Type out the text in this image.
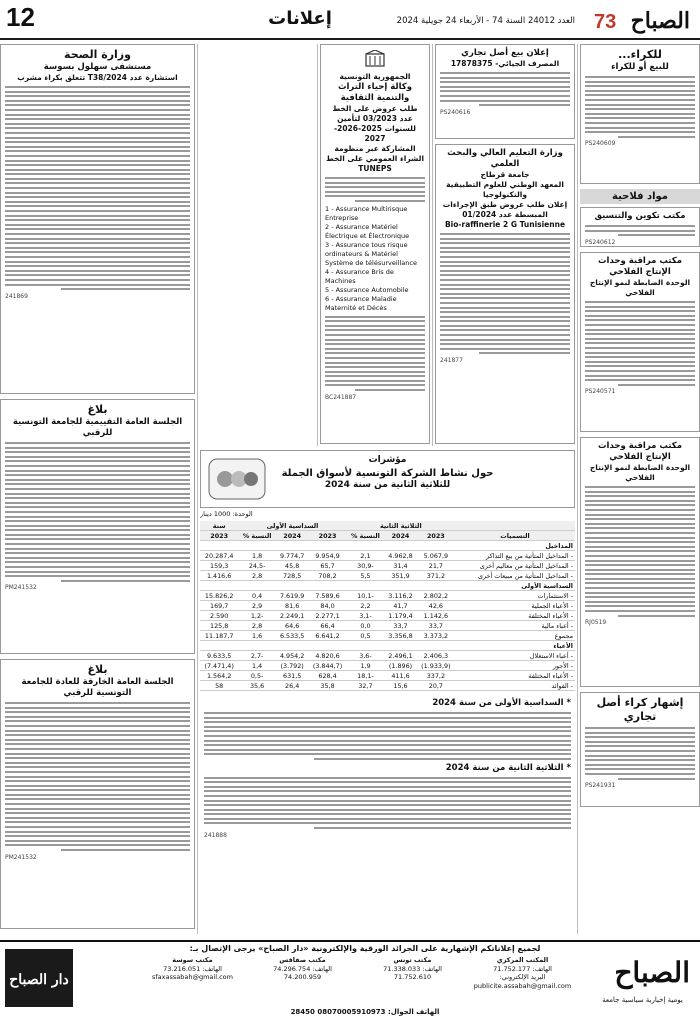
12	إعلانات	العدد 24012 السنة 74 - الأربعاء 24 جويلية 2024	الصباح
73
للكراء...
للبيع أو للكراء
PS240609
مواد فلاحية
مكتب تكوين والتنسيق
PS240612
مكتب مراقبة وحدات الإنتاج الفلاحي
الوحدة الضابطة لنمو الإنتاج الفلاحي
PS240571
مكتب مراقبة وحدات الإنتاج الفلاحي
الوحدة الضابطة لنمو الإنتاج الفلاحي
RJ0519
إشهار كراء أصل تجاري
PS241931
إعلان بيع أصل تجاري
المصرف الجيائي- 17878375
PS240616
وزارة التعليم العالي والبحث العلمي
جامعة قرطاج
المعهد الوطني للعلوم التطبيقية والتكنولوجيا
إعلان طلب عروض طبق الإجراءات المبسطة عدد 01/2024
Bio-raffinerie 2 G Tunisienne
241877
الجمهورية التونسية
وكالة إحياء التراث والتنمية الثقافية
طلب عروض على الخط عدد 03/2023 لتأمين
للسنوات 2025-2026-2027
المشاركة عبر منظومة الشراء العمومي على الخط TUNEPS
1 - Assurance Multirisque Entreprise
2 - Assurance Matériel Électrique et Électronique
3 - Assurance tous risque ordinateurs & Matériel Système de télésurveillance
4 - Assurance Bris de Machines
5 - Assurance Automobile
6 - Assurance Maladie Maternité et Décès
BC241887
وزارة الصحة
مستشفى سهلول بسوسة
استشارة عدد 2024/T38 تتعلق بكراء مشرب
241869
بلاغ
الجلسة العامة التقييمية للجامعة التونسية للرقبي
PM241532
بلاغ
الجلسة العامة الخارقة للعادة للجامعة التونسية للرقبي
PM241532
مؤشرات
حول نشاط الشركة التونسية لأسواق الجملة
للثلاثية الثانية من سنة 2024
الوحدة: 1000 دينار
	الثلاثية الثانية			السداسية الأولى			سنة
التسميات	2023	2024	النسبة %	2023	2024	النسبة %	2023
المداخيل							
- المداخيل المتأتية من بيع التذاكر	5.067,9	4.962,8	2,1	9.954,9	9.774,7	1,8	20.287,4
- المداخيل المتأتية من معاليم أخرى	21,7	31,4	-30,9	65,7	45,8	-24,5	159,3
- المداخيل المتأتية من مبيعات أخرى	371,2	351,9	5,5	708,2	728,5	2,8	1.416,6
السداسية الأولى							
- الاستثمارات	2.802,2	3.116,2	-10,1	7.589,6	7.619,9	0,4	15.826,2
- الأعباء الجملية	42,6	41,7	2,2	84,0	81,6	2,9	169,7
- الأعباء المختلفة	1.142,6	1.179,4	-3,1	2.277,1	2.249,1	-1,2	2.590
- أعباء مالية	33,7	33,7	0,0	66,4	64,6	2,8	125,8
مجموع	3.373,2	3.356,8	0,5	6.641,2	6.533,5	1,6	11.187,7
الأعباء							
- أعباء الاستغلال	2.406,3	2.496,1	-3,6	4.820,6	4.954,2	-2,7	9.633,5
- الأجور	(1.933,9)	(1.896)	1,9	(3.844,7)	(3.792)	1,4	(7.471,4)
- الأعباء المختلفة	337,2	411,6	-18,1	628,4	631,5	-0,5	1.564,2
- الفوائد	20,7	15,6	32,7	35,8	26,4	35,6	58
* السداسية الأولى من سنة 2024
* الثلاثية الثانية من سنة 2024
241888
دار الصباح
لجميع إعلاناتكم الإشهارية على الجرائد الورقية والإلكترونية «دار الصباح» يرجى الإتصال بـ:
المكتب المركزي
الهاتف: 71.752.177
البريد الإلكتروني: publicite.assabah@gmail.com
مكتب تونس
الهاتف: 71.338.033
71.752.610
مكتب صفاقس
الهاتف: 74.296.754
74.200.959
مكتب سوسة
الهاتف: 73.216.051
sfaxassabah@gmail.com
الهاتف الجوال: 08070005910973 28450
الصباح
يومية إخبارية سياسية جامعة
